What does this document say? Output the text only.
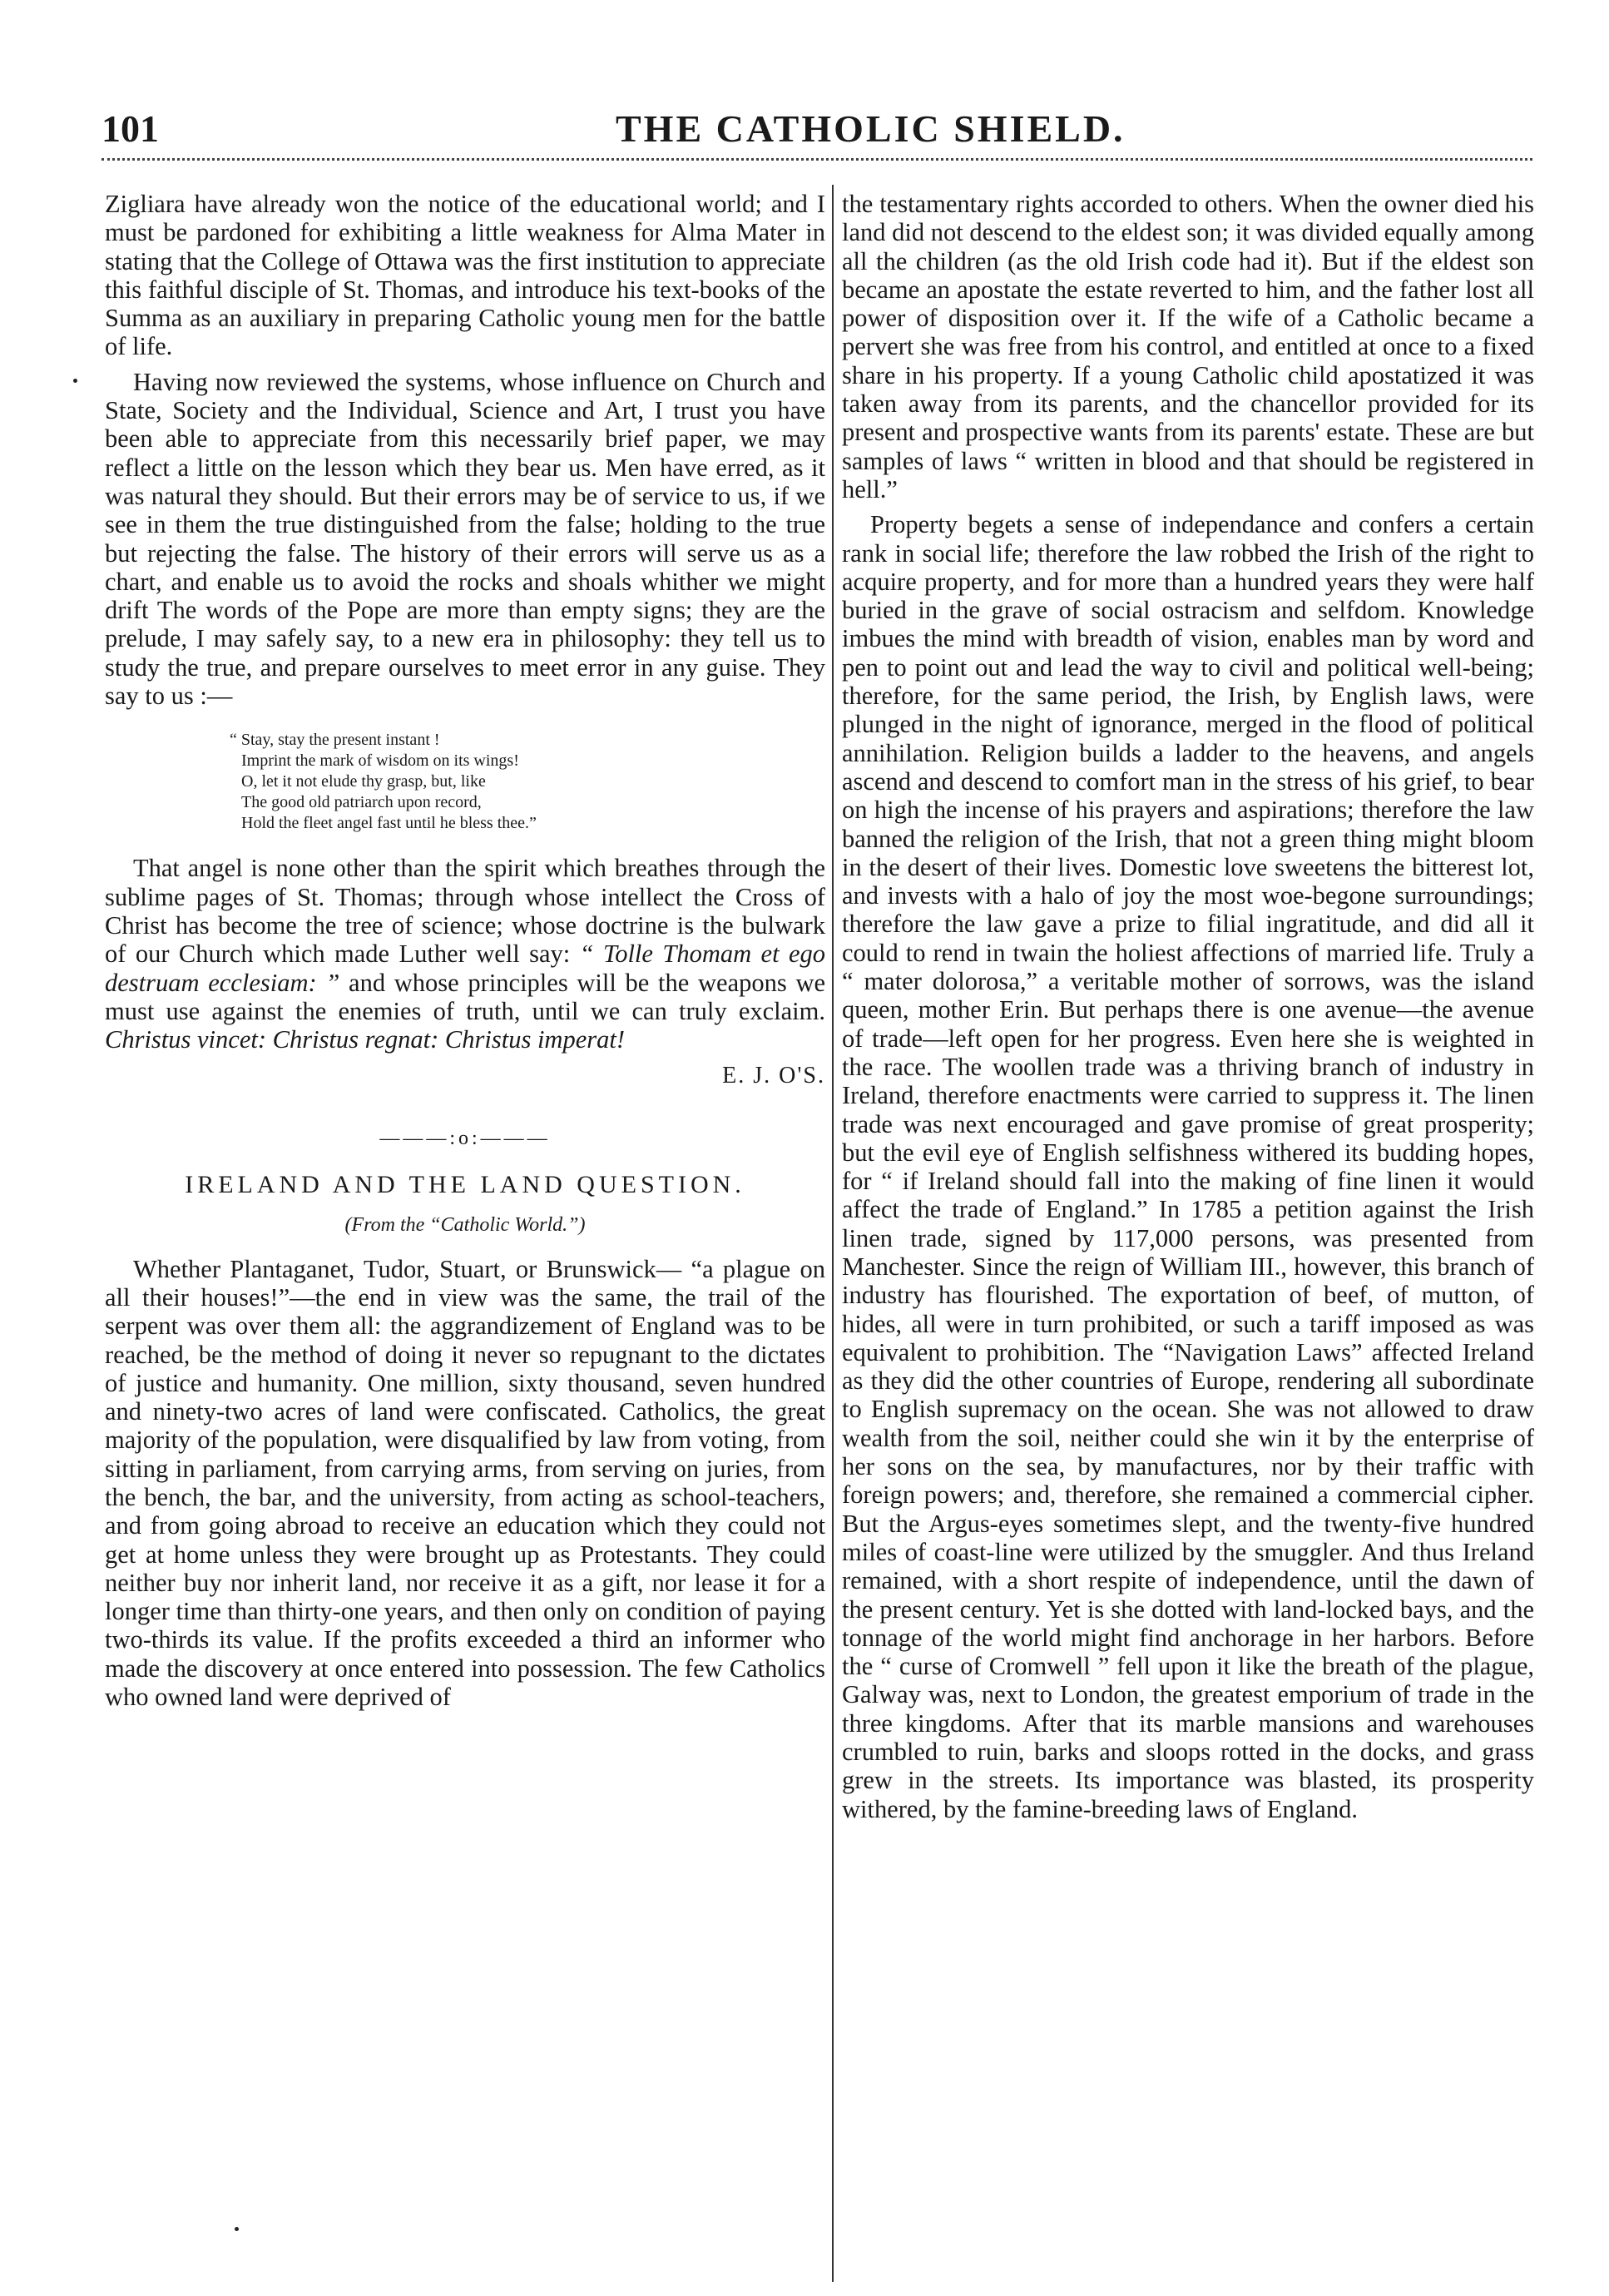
101	THE CATHOLIC SHIELD.

Zigliara have already won the notice of the educational world; and I must be pardoned for exhibiting a little weakness for Alma Mater in stating that the College of Ottawa was the first institution to appreciate this faithful disciple of St. Thomas, and introduce his text-books of the Summa as an auxiliary in preparing Catholic young men for the battle of life.

Having now reviewed the systems, whose influence on Church and State, Society and the Individual, Science and Art, I trust you have been able to appreciate from this necessarily brief paper, we may reflect a little on the lesson which they bear us. Men have erred, as it was natural they should. But their errors may be of service to us, if we see in them the true distinguished from the false; holding to the true but rejecting the false. The history of their errors will serve us as a chart, and enable us to avoid the rocks and shoals whither we might drift The words of the Pope are more than empty signs; they are the prelude, I may safely say, to a new era in philosophy: they tell us to study the true, and prepare ourselves to meet error in any guise. They say to us :—

“ Stay, stay the present instant !
Imprint the mark of wisdom on its wings!
O, let it not elude thy grasp, but, like
The good old patriarch upon record,
Hold the fleet angel fast until he bless thee.”

That angel is none other than the spirit which breathes through the sublime pages of St. Thomas; through whose intellect the Cross of Christ has become the tree of science; whose doctrine is the bulwark of our Church which made Luther well say: “ Tolle Thomam et ego destruam ecclesiam: ” and whose principles will be the weapons we must use against the enemies of truth, until we can truly exclaim. Christus vincet: Christus regnat: Christus imperat!

E. J. O'S.

———:o:———

IRELAND AND THE LAND QUESTION.

(From the “Catholic World.”)

Whether Plantaganet, Tudor, Stuart, or Brunswick— “a plague on all their houses!”—the end in view was the same, the trail of the serpent was over them all: the aggrandizement of England was to be reached, be the method of doing it never so repugnant to the dictates of justice and humanity. One million, sixty thousand, seven hundred and ninety-two acres of land were confiscated. Catholics, the great majority of the population, were disqualified by law from voting, from sitting in parliament, from carrying arms, from serving on juries, from the bench, the bar, and the university, from acting as school-teachers, and from going abroad to receive an education which they could not get at home unless they were brought up as Protestants. They could neither buy nor inherit land, nor receive it as a gift, nor lease it for a longer time than thirty-one years, and then only on condition of paying two-thirds its value. If the profits exceeded a third an informer who made the discovery at once entered into possession. The few Catholics who owned land were deprived of

the testamentary rights accorded to others. When the owner died his land did not descend to the eldest son; it was divided equally among all the children (as the old Irish code had it). But if the eldest son became an apostate the estate reverted to him, and the father lost all power of disposition over it. If the wife of a Catholic became a pervert she was free from his control, and entitled at once to a fixed share in his property. If a young Catholic child apostatized it was taken away from its parents, and the chancellor provided for its present and prospective wants from its parents' estate. These are but samples of laws “ written in blood and that should be registered in hell.”

Property begets a sense of independance and confers a certain rank in social life; therefore the law robbed the Irish of the right to acquire property, and for more than a hundred years they were half buried in the grave of social ostracism and selfdom. Knowledge imbues the mind with breadth of vision, enables man by word and pen to point out and lead the way to civil and political well-being; therefore, for the same period, the Irish, by English laws, were plunged in the night of ignorance, merged in the flood of political annihilation. Religion builds a ladder to the heavens, and angels ascend and descend to comfort man in the stress of his grief, to bear on high the incense of his prayers and aspirations; therefore the law banned the religion of the Irish, that not a green thing might bloom in the desert of their lives. Domestic love sweetens the bitterest lot, and invests with a halo of joy the most woe-begone surroundings; therefore the law gave a prize to filial ingratitude, and did all it could to rend in twain the holiest affections of married life. Truly a “ mater dolorosa,” a veritable mother of sorrows, was the island queen, mother Erin. But perhaps there is one avenue—the avenue of trade—left open for her progress. Even here she is weighted in the race. The woollen trade was a thriving branch of industry in Ireland, therefore enactments were carried to suppress it. The linen trade was next encouraged and gave promise of great prosperity; but the evil eye of English selfishness withered its budding hopes, for “ if Ireland should fall into the making of fine linen it would affect the trade of England.” In 1785 a petition against the Irish linen trade, signed by 117,000 persons, was presented from Manchester. Since the reign of William III., however, this branch of industry has flourished. The exportation of beef, of mutton, of hides, all were in turn prohibited, or such a tariff imposed as was equivalent to prohibition. The “Navigation Laws” affected Ireland as they did the other countries of Europe, rendering all subordinate to English supremacy on the ocean. She was not allowed to draw wealth from the soil, neither could she win it by the enterprise of her sons on the sea, by manufactures, nor by their traffic with foreign powers; and, therefore, she remained a commercial cipher. But the Argus-eyes sometimes slept, and the twenty-five hundred miles of coast-line were utilized by the smuggler. And thus Ireland remained, with a short respite of independence, until the dawn of the present century. Yet is she dotted with land-locked bays, and the tonnage of the world might find anchorage in her harbors. Before the “ curse of Cromwell ” fell upon it like the breath of the plague, Galway was, next to London, the greatest emporium of trade in the three kingdoms. After that its marble mansions and warehouses crumbled to ruin, barks and sloops rotted in the docks, and grass grew in the streets. Its importance was blasted, its prosperity withered, by the famine-breeding laws of England.
